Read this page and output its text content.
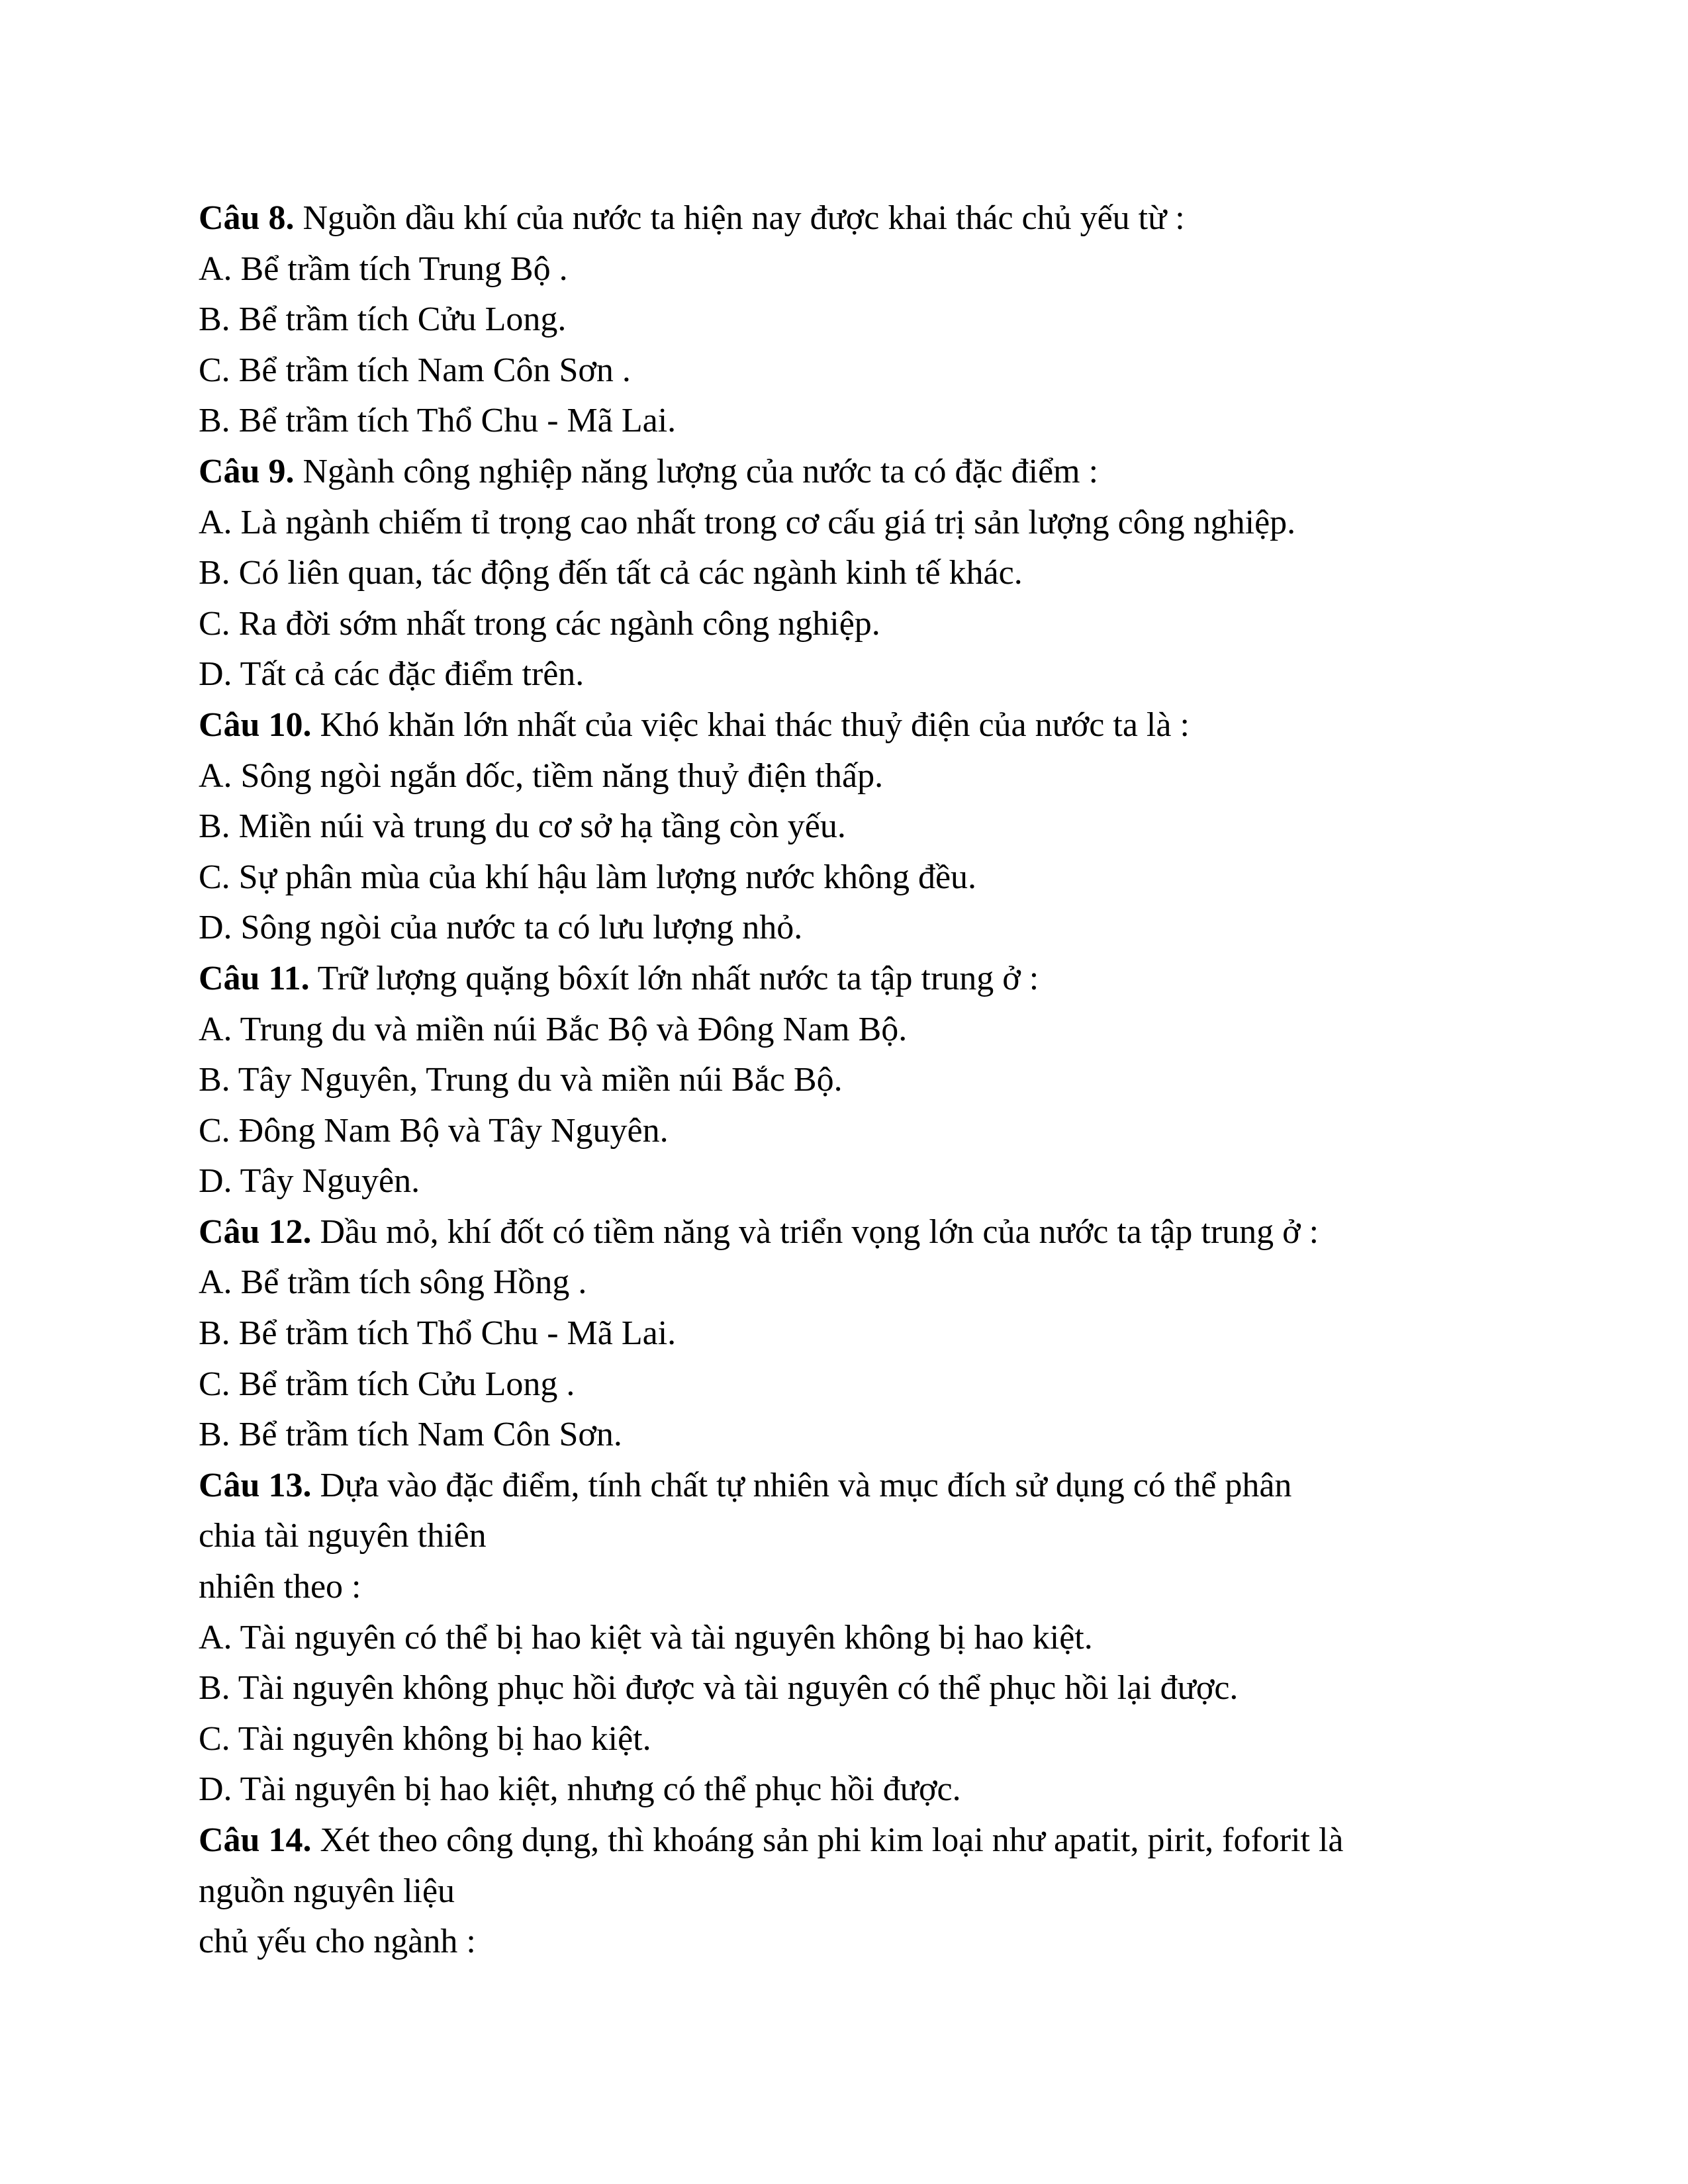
Câu 8. Nguồn dầu khí của nước ta hiện nay được khai thác chủ yếu từ :
A. Bể trầm tích Trung Bộ .
B. Bể trầm tích Cửu Long.
C. Bể trầm tích Nam Côn Sơn .
B. Bể trầm tích Thổ Chu - Mã Lai.
Câu 9. Ngành công nghiệp năng lượng của nước ta có đặc điểm :
A. Là ngành chiếm tỉ trọng cao nhất trong cơ cấu giá trị sản lượng công nghiệp.
B. Có liên quan, tác động đến tất cả các ngành kinh tế khác.
C. Ra đời sớm nhất trong các ngành công nghiệp.
D. Tất cả các đặc điểm trên.
Câu 10. Khó khăn lớn nhất của việc khai thác thuỷ điện của nước ta là :
A. Sông ngòi ngắn dốc, tiềm năng thuỷ điện thấp.
B. Miền núi và trung du cơ sở hạ tầng còn yếu.
C. Sự phân mùa của khí hậu làm lượng nước không đều.
D. Sông ngòi của nước ta có lưu lượng nhỏ.
Câu 11. Trữ lượng quặng bôxít lớn nhất nước ta tập trung ở :
A. Trung du và miền núi Bắc Bộ và Đông Nam Bộ.
B. Tây Nguyên, Trung du và miền núi Bắc Bộ.
C. Đông Nam Bộ và Tây Nguyên.
D. Tây Nguyên.
Câu 12. Dầu mỏ, khí đốt có tiềm năng và triển vọng lớn của nước ta tập trung ở :
A. Bể trầm tích sông Hồng .
B. Bể trầm tích Thổ Chu - Mã Lai.
C. Bể trầm tích Cửu Long .
B. Bể trầm tích Nam Côn Sơn.
Câu 13. Dựa vào đặc điểm, tính chất tự nhiên và mục đích sử dụng có thể phân
chia tài nguyên thiên
nhiên theo :
A. Tài nguyên có thể bị hao kiệt và tài nguyên không bị hao kiệt.
B. Tài nguyên không phục hồi được và tài nguyên có thể phục hồi lại được.
C. Tài nguyên không bị hao kiệt.
D. Tài nguyên bị hao kiệt, nhưng có thể phục hồi được.
Câu 14. Xét theo công dụng, thì khoáng sản phi kim loại như apatit, pirit, foforit là
nguồn nguyên liệu
chủ yếu cho ngành :
